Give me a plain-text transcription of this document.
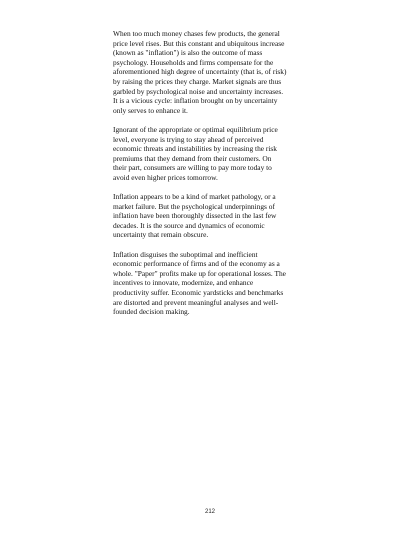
When too much money chases few products, the general
price level rises. But this constant and ubiquitous increase
(known as "inflation") is also the outcome of mass
psychology. Households and firms compensate for the
aforementioned high degree of uncertainty (that is, of risk)
by raising the prices they charge. Market signals are thus
garbled by psychological noise and uncertainty increases.
It is a vicious cycle: inflation brought on by uncertainty
only serves to enhance it.

Ignorant of the appropriate or optimal equilibrium price
level, everyone is trying to stay ahead of perceived
economic threats and instabilities by increasing the risk
premiums that they demand from their customers. On
their part, consumers are willing to pay more today to
avoid even higher prices tomorrow.

Inflation appears to be a kind of market pathology, or a
market failure. But the psychological underpinnings of
inflation have been thoroughly dissected in the last few
decades. It is the source and dynamics of economic
uncertainty that remain obscure.

Inflation disguises the suboptimal and inefficient
economic performance of firms and of the economy as a
whole. "Paper" profits make up for operational losses. The
incentives to innovate, modernize, and enhance
productivity suffer. Economic yardsticks and benchmarks
are distorted and prevent meaningful analyses and well-
founded decision making.

212
